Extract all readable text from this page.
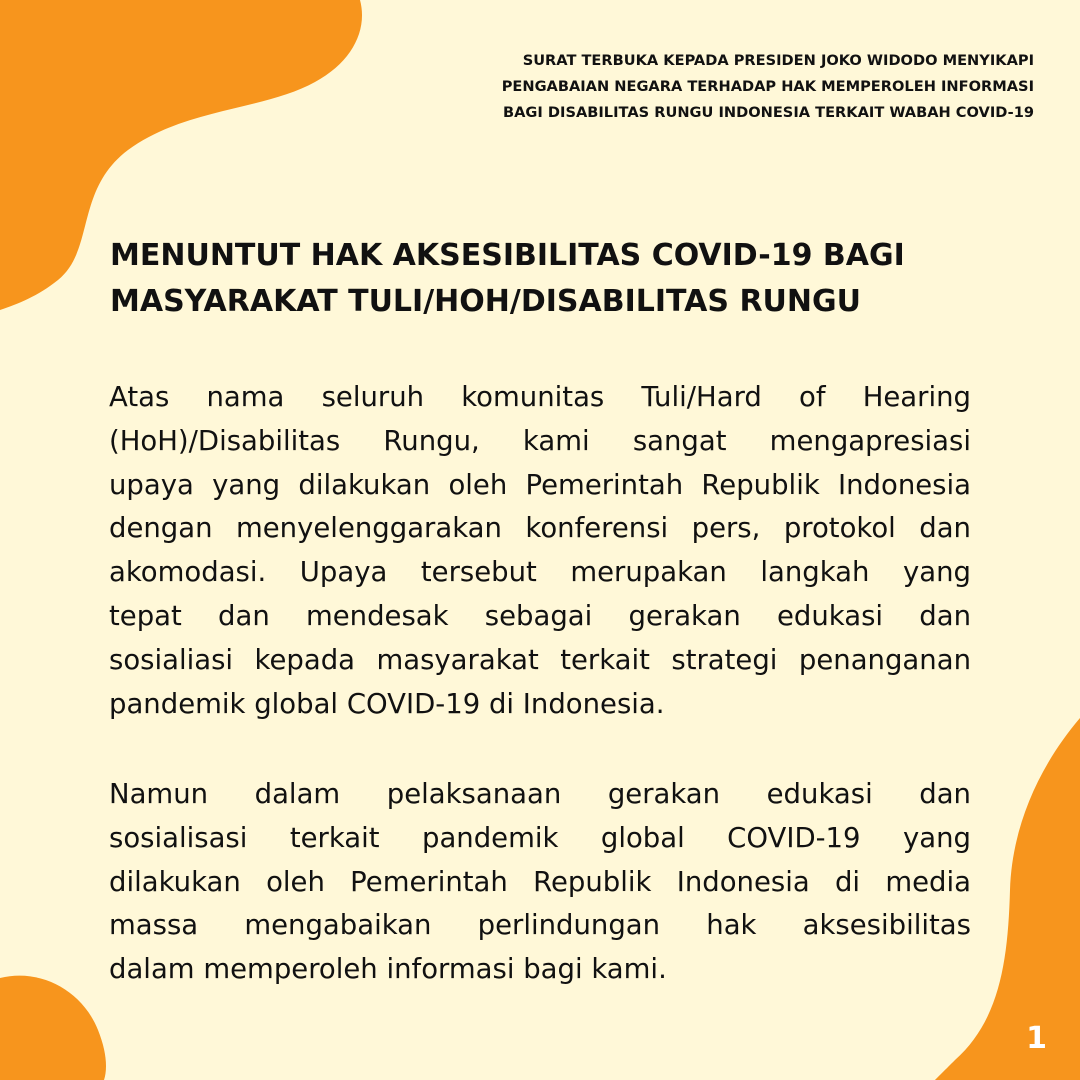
SURAT TERBUKA KEPADA PRESIDEN JOKO WIDODO MENYIKAPI
PENGABAIAN NEGARA TERHADAP HAK MEMPEROLEH INFORMASI
BAGI DISABILITAS RUNGU INDONESIA TERKAIT WABAH COVID-19
MENUNTUT HAK AKSESIBILITAS COVID-19 BAGI
MASYARAKAT TULI/HOH/DISABILITAS RUNGU
Atas nama seluruh komunitas Tuli/Hard of Hearing
(HoH)/Disabilitas Rungu, kami sangat mengapresiasi
upaya yang dilakukan oleh Pemerintah Republik Indonesia
dengan menyelenggarakan konferensi pers, protokol dan
akomodasi. Upaya tersebut merupakan langkah yang
tepat dan mendesak sebagai gerakan edukasi dan
sosialiasi kepada masyarakat terkait strategi penanganan
pandemik global COVID-19 di Indonesia.
Namun dalam pelaksanaan gerakan edukasi dan
sosialisasi terkait pandemik global COVID-19 yang
dilakukan oleh Pemerintah Republik Indonesia di media
massa mengabaikan perlindungan hak aksesibilitas
dalam memperoleh informasi bagi kami.
1
